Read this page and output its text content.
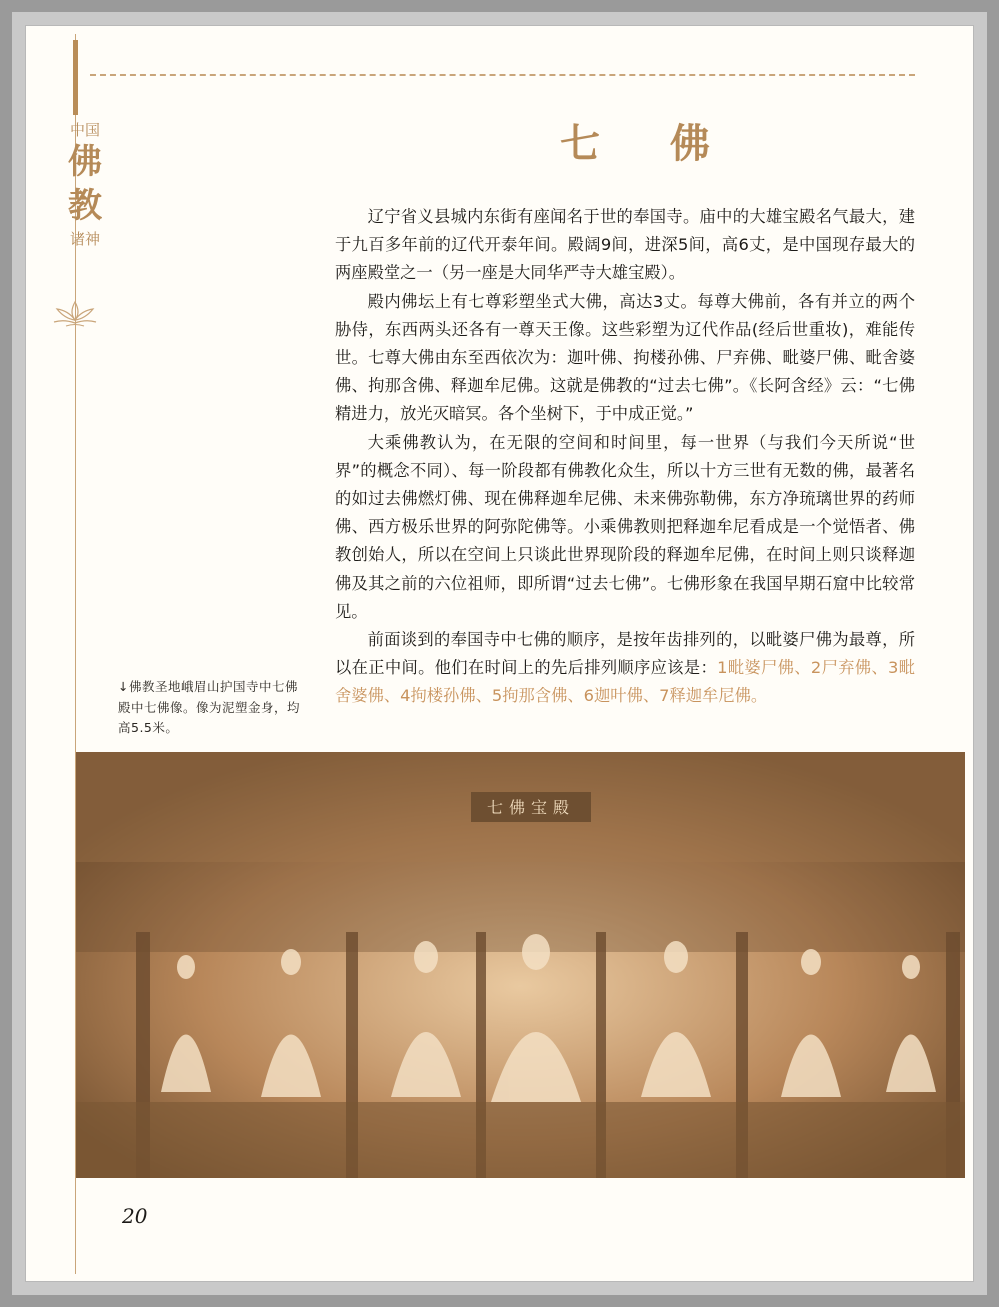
中国
佛
教
诸神
七 佛

辽宁省义县城内东街有座闻名于世的奉国寺。庙中的大雄宝殿名气最大，建于九百多年前的辽代开泰年间。殿阔9间，进深5间，高6丈，是中国现存最大的两座殿堂之一（另一座是大同华严寺大雄宝殿）。

殿内佛坛上有七尊彩塑坐式大佛，高达3丈。每尊大佛前，各有并立的两个胁侍，东西两头还各有一尊天王像。这些彩塑为辽代作品(经后世重妆)，难能传世。七尊大佛由东至西依次为：迦叶佛、拘楼孙佛、尸弃佛、毗婆尸佛、毗舍婆佛、拘那含佛、释迦牟尼佛。这就是佛教的“过去七佛”。《长阿含经》云：“七佛精进力，放光灭暗冥。各个坐树下，于中成正觉。”

大乘佛教认为，在无限的空间和时间里，每一世界（与我们今天所说“世界”的概念不同）、每一阶段都有佛教化众生，所以十方三世有无数的佛，最著名的如过去佛燃灯佛、现在佛释迦牟尼佛、未来佛弥勒佛，东方净琉璃世界的药师佛、西方极乐世界的阿弥陀佛等。小乘佛教则把释迦牟尼看成是一个觉悟者、佛教创始人，所以在空间上只谈此世界现阶段的释迦牟尼佛，在时间上则只谈释迦佛及其之前的六位祖师，即所谓“过去七佛”。七佛形象在我国早期石窟中比较常见。

前面谈到的奉国寺中七佛的顺序，是按年齿排列的，以毗婆尸佛为最尊，所以在正中间。他们在时间上的先后排列顺序应该是：1毗婆尸佛、2尸弃佛、3毗舍婆佛、4拘楼孙佛、5拘那含佛、6迦叶佛、7释迦牟尼佛。

↓佛教圣地峨眉山护国寺中七佛殿中七佛像。像为泥塑金身，均高5.5米。
七佛宝殿
20
